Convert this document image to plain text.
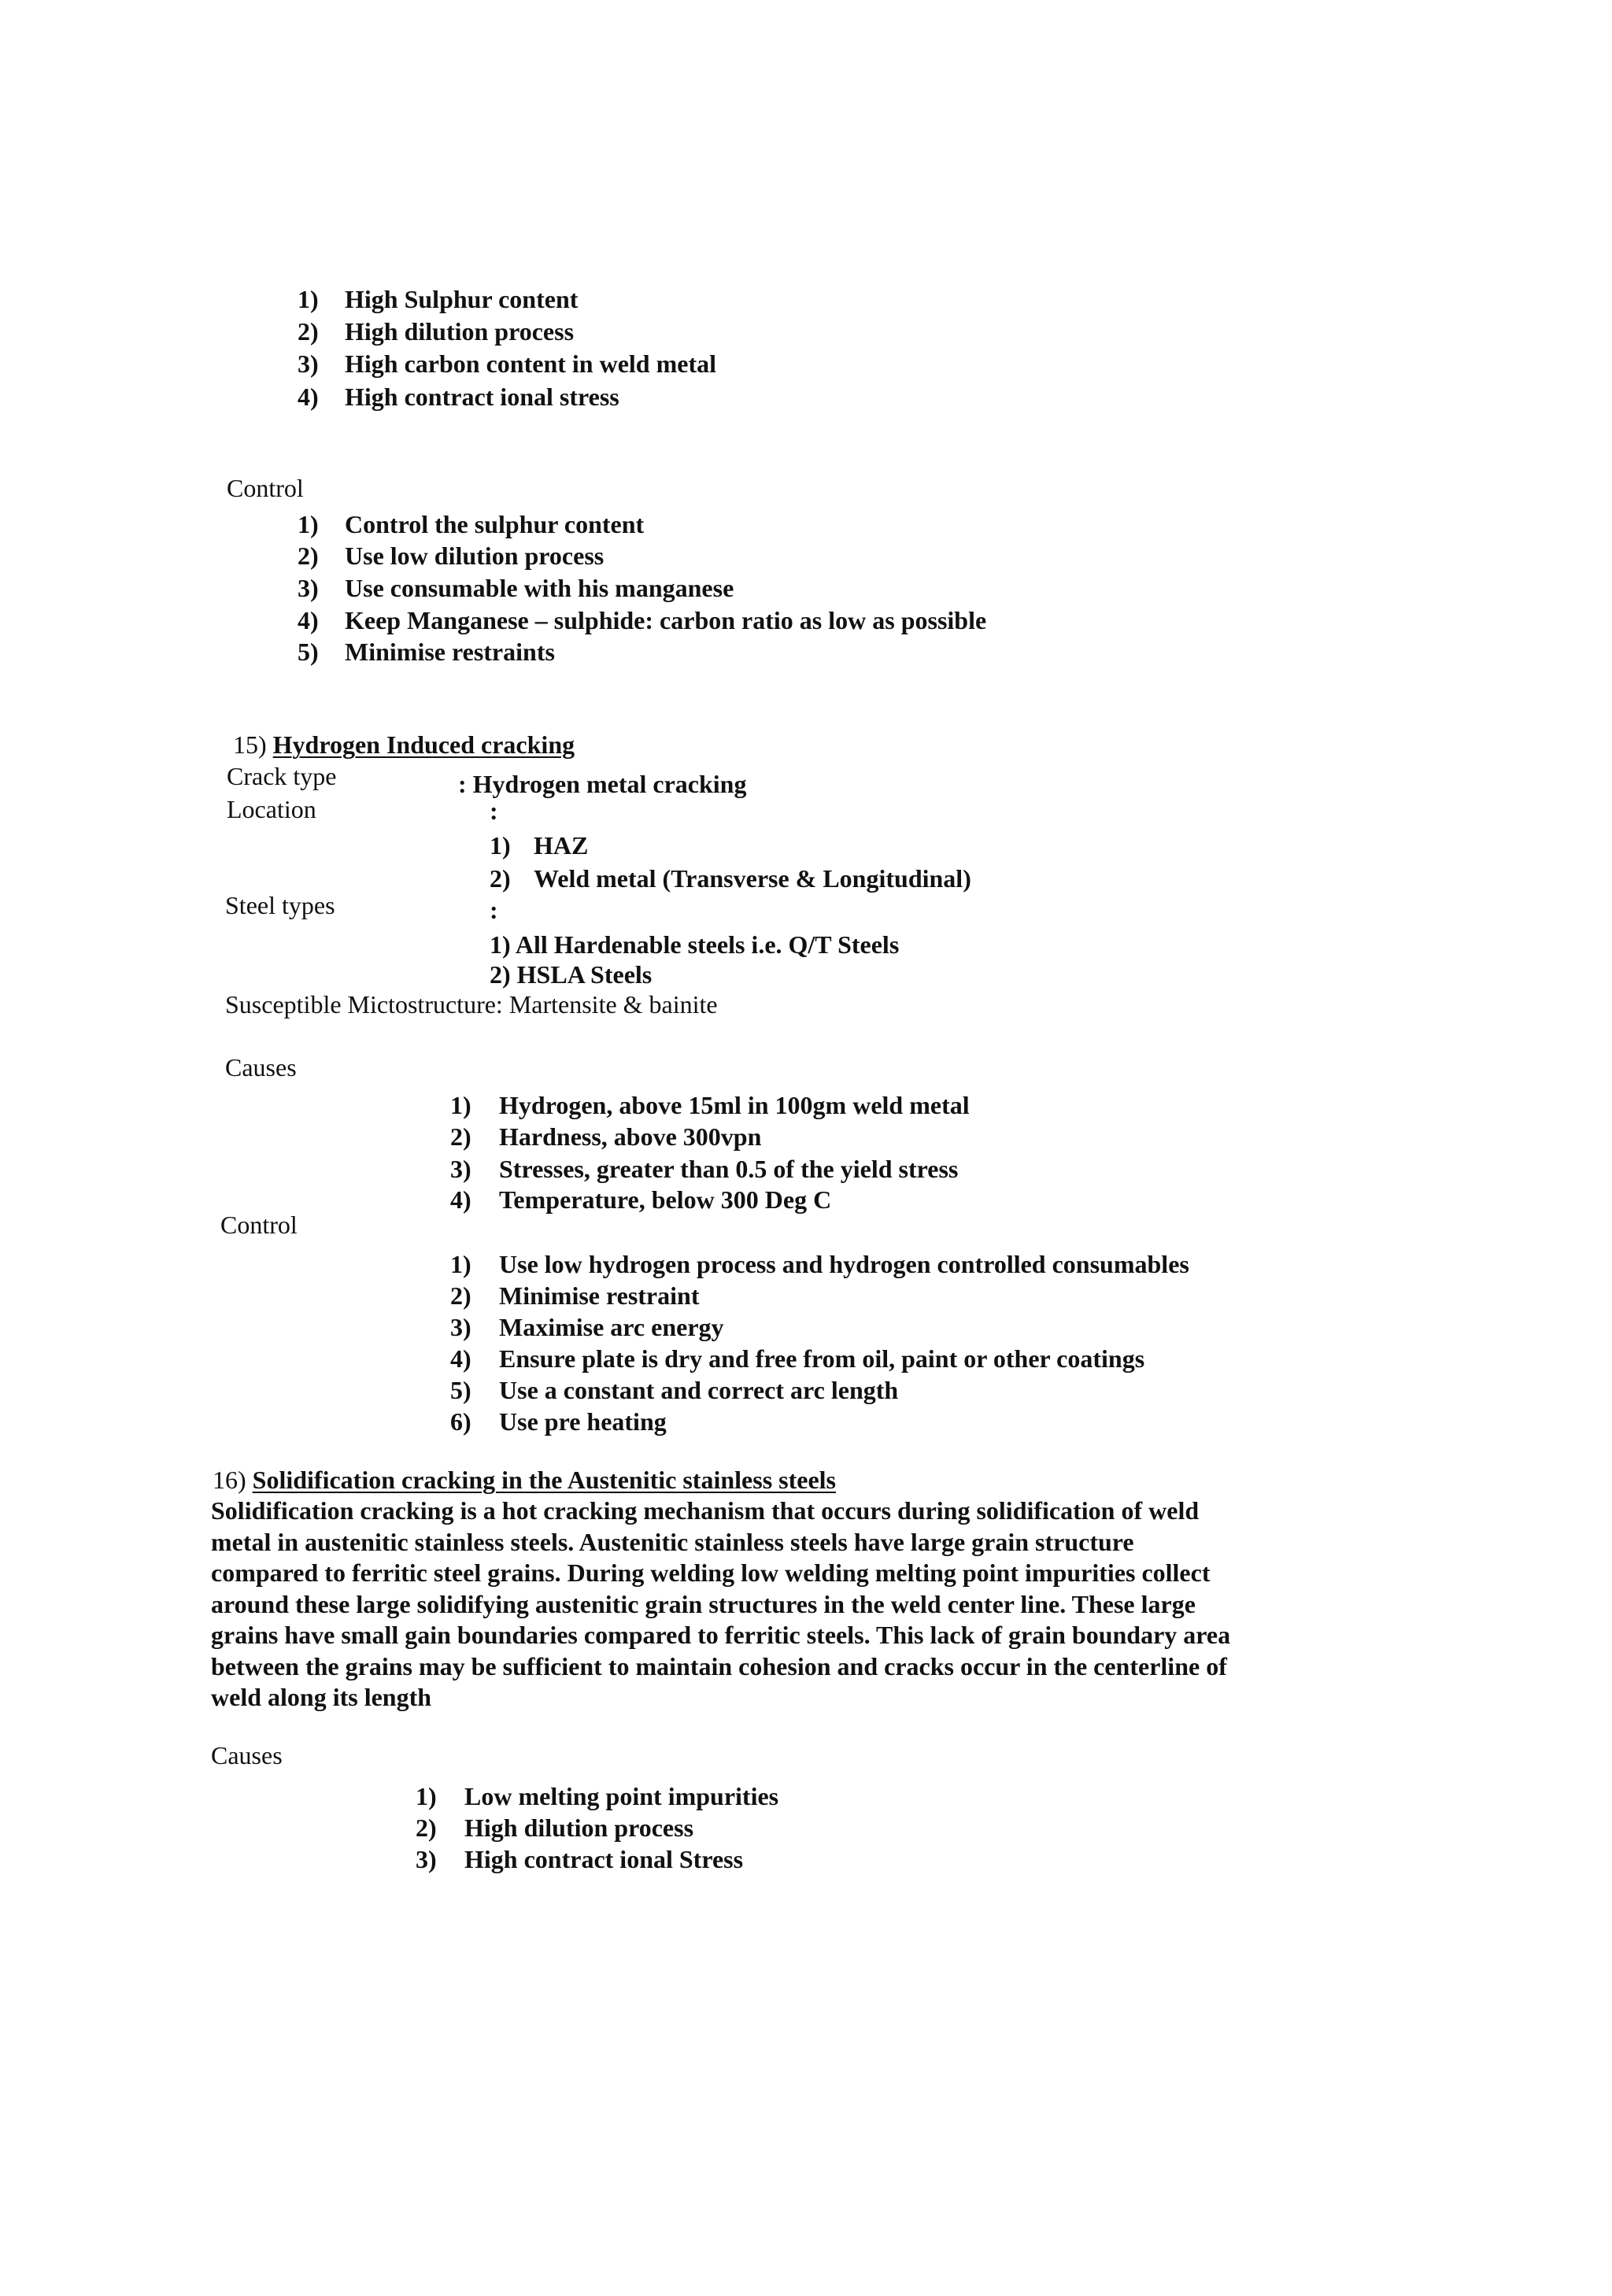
1) High Sulphur content
2) High dilution process
3) High carbon content in weld metal
4) High contract ional stress
Control
1) Control the sulphur content
2) Use low dilution process
3) Use consumable with his manganese
4) Keep Manganese – sulphide: carbon ratio as low as possible
5) Minimise restraints
15) Hydrogen Induced cracking
Crack type	: Hydrogen metal cracking
Location	:
1) HAZ
2) Weld metal (Transverse & Longitudinal)
Steel types	:
1) All Hardenable steels i.e. Q/T Steels
2) HSLA Steels
Susceptible Mictostructure: Martensite & bainite
Causes
1) Hydrogen, above 15ml in 100gm weld metal
2) Hardness, above 300vpn
3) Stresses, greater than 0.5 of the yield stress
4) Temperature, below 300 Deg C
Control
1) Use low hydrogen process and hydrogen controlled consumables
2) Minimise restraint
3) Maximise arc energy
4) Ensure plate is dry and free from oil, paint or other coatings
5) Use a constant and correct arc length
6) Use pre heating
16) Solidification cracking in the Austenitic stainless steels
Solidification cracking is a hot cracking mechanism that occurs during solidification of weld
metal in austenitic stainless steels. Austenitic stainless steels have large grain structure
compared to ferritic steel grains. During welding low welding melting point impurities collect
around these large solidifying austenitic grain structures in the weld center line. These large
grains have small gain boundaries compared to ferritic steels. This lack of grain boundary area
between the grains may be sufficient to maintain cohesion and cracks occur in the centerline of
weld along its length
Causes
1) Low melting point impurities
2) High dilution process
3) High contract ional Stress
